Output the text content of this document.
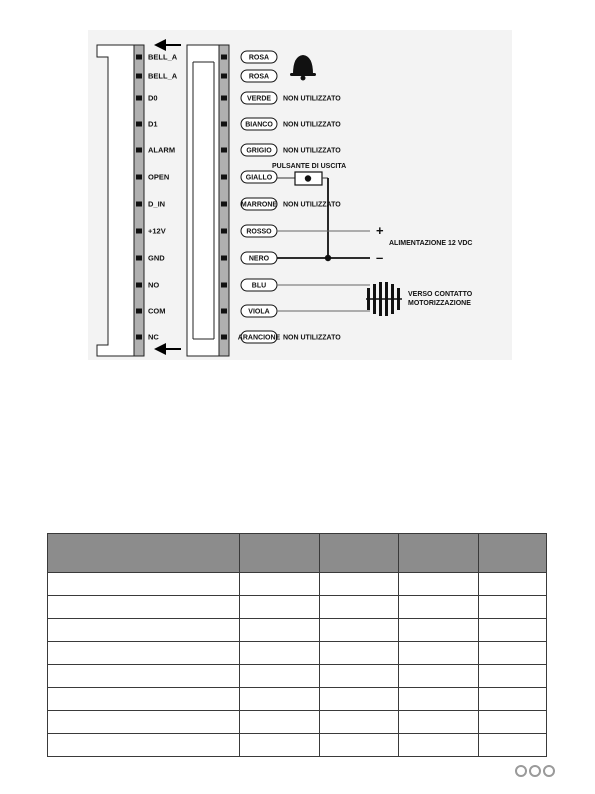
BELL_A
BELL_A
D0
D1
ALARM
OPEN
D_IN
+12V
GND
NO
COM
NC
ROSA
ROSA
VERDE NON UTILIZZATO
BIANCO NON UTILIZZATO
GRIGIO NON UTILIZZATO
GIALLO
MARRONE NON UTILIZZATO
ROSSO
NERO
BLU
VIOLA
ARANCIONE NON UTILIZZATO
PULSANTE DI USCITA
+
–
ALIMENTAZIONE 12 VDC
VERSO CONTATTO
MOTORIZZAZIONE
